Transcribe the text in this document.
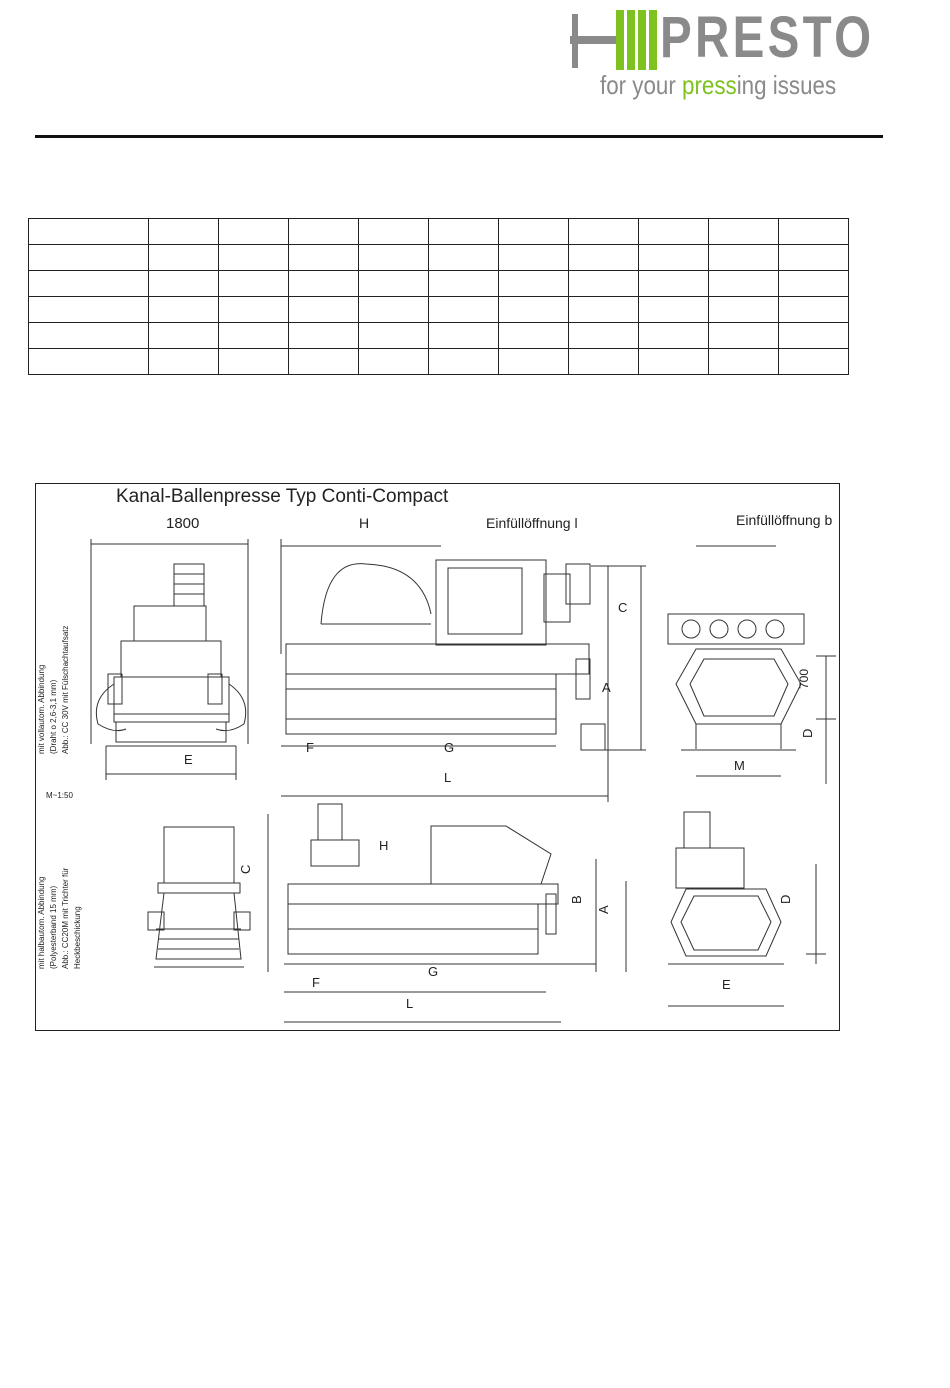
PRESTO
for your pressing issues

Kanal-Ballenpresse Typ Conti-Compact
1800	H	Einfüllöffnung l	Einfüllöffnung b
E
M~1:50
mit vollautom. Abbindung (Draht o 2,6-3,1 mm) Abb.: CC 30V mit Fülschachtaufsatz	F	G
L
A
C
700
D
M
C
mit halbautom. Abbindung (Polyesterband 15 mm) Abb.: CC20M mit Trichter für Heckbeschickung
H
G
F
L
B
A
D
E
